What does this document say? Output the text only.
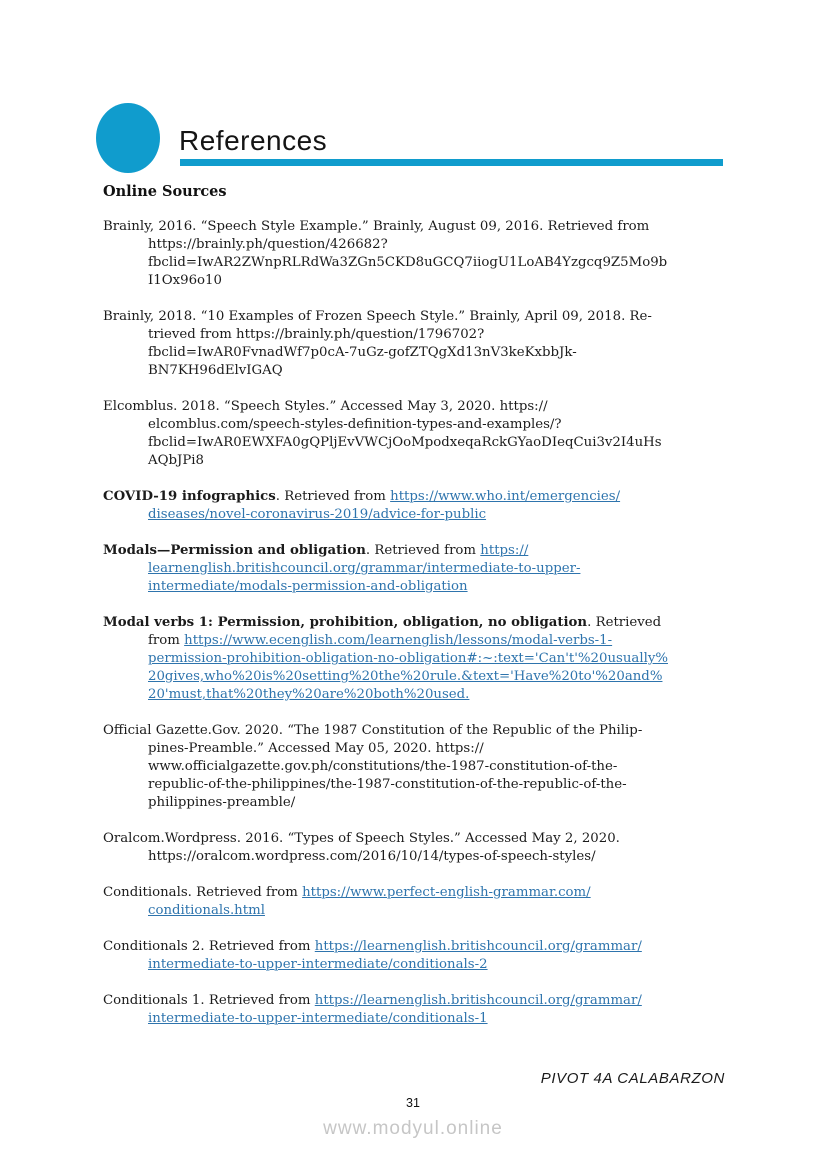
References
Online Sources
Brainly, 2016. “Speech Style Example.” Brainly, August 09, 2016. Retrieved from
https://brainly.ph/question/426682?
fbclid=IwAR2ZWnpRLRdWa3ZGn5CKD8uGCQ7iiogU1LoAB4Yzgcq9Z5Mo9b
I1Ox96o10
Brainly, 2018. “10 Examples of Frozen Speech Style.” Brainly, April 09, 2018. Re-
trieved from https://brainly.ph/question/1796702?
fbclid=IwAR0FvnadWf7p0cA-7uGz-gofZTQgXd13nV3keKxbbJk-
BN7KH96dElvIGAQ
Elcomblus. 2018. “Speech Styles.” Accessed May 3, 2020. https://
elcomblus.com/speech-styles-definition-types-and-examples/?
fbclid=IwAR0EWXFA0gQPljEvVWCjOoMpodxeqaRckGYaoDIeqCui3v2I4uHs
AQbJPi8
COVID-19 infographics. Retrieved from https://www.who.int/emergencies/
diseases/novel-coronavirus-2019/advice-for-public
Modals—Permission and obligation. Retrieved from https://
learnenglish.britishcouncil.org/grammar/intermediate-to-upper-
intermediate/modals-permission-and-obligation
Modal verbs 1: Permission, prohibition, obligation, no obligation. Retrieved
from https://www.ecenglish.com/learnenglish/lessons/modal-verbs-1-
permission-prohibition-obligation-no-obligation#:~:text='Can't'%20usually%
20gives,who%20is%20setting%20the%20rule.&text='Have%20to'%20and%
20'must,that%20they%20are%20both%20used.
Official Gazette.Gov. 2020. “The 1987 Constitution of the Republic of the Philip-
pines-Preamble.” Accessed May 05, 2020. https://
www.officialgazette.gov.ph/constitutions/the-1987-constitution-of-the-
republic-of-the-philippines/the-1987-constitution-of-the-republic-of-the-
philippines-preamble/
Oralcom.Wordpress. 2016. “Types of Speech Styles.” Accessed May 2, 2020.
https://oralcom.wordpress.com/2016/10/14/types-of-speech-styles/
Conditionals. Retrieved from https://www.perfect-english-grammar.com/
conditionals.html
Conditionals 2. Retrieved from https://learnenglish.britishcouncil.org/grammar/
intermediate-to-upper-intermediate/conditionals-2
Conditionals 1. Retrieved from https://learnenglish.britishcouncil.org/grammar/
intermediate-to-upper-intermediate/conditionals-1

PIVOT 4A CALABARZON

31
www.modyul.online
